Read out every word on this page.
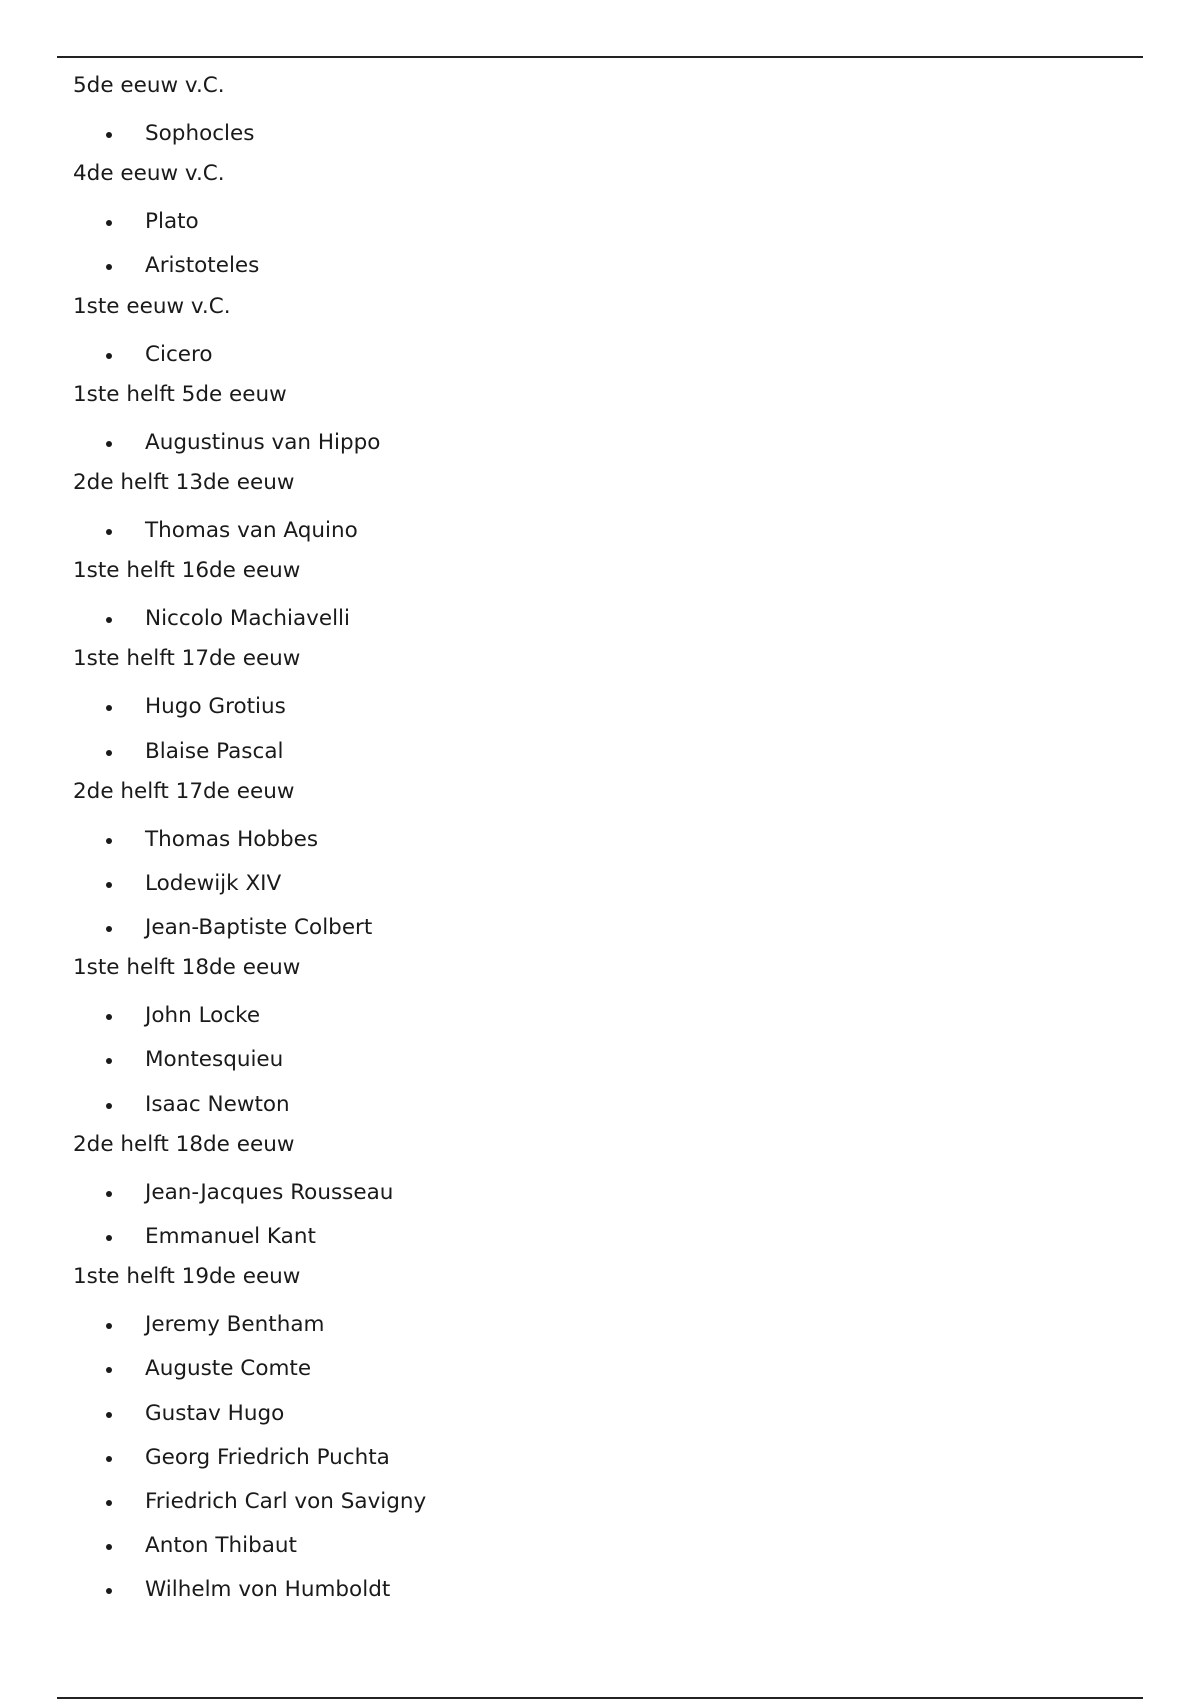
5de eeuw v.C.
Sophocles
4de eeuw v.C.
Plato
Aristoteles
1ste eeuw v.C.
Cicero
1ste helft 5de eeuw
Augustinus van Hippo
2de helft 13de eeuw
Thomas van Aquino
1ste helft 16de eeuw
Niccolo Machiavelli
1ste helft 17de eeuw
Hugo Grotius
Blaise Pascal
2de helft 17de eeuw
Thomas Hobbes
Lodewijk XIV
Jean-Baptiste Colbert
1ste helft 18de eeuw
John Locke
Montesquieu
Isaac Newton
2de helft 18de eeuw
Jean-Jacques Rousseau
Emmanuel Kant
1ste helft 19de eeuw
Jeremy Bentham
Auguste Comte
Gustav Hugo
Georg Friedrich Puchta
Friedrich Carl von Savigny
Anton Thibaut
Wilhelm von Humboldt
